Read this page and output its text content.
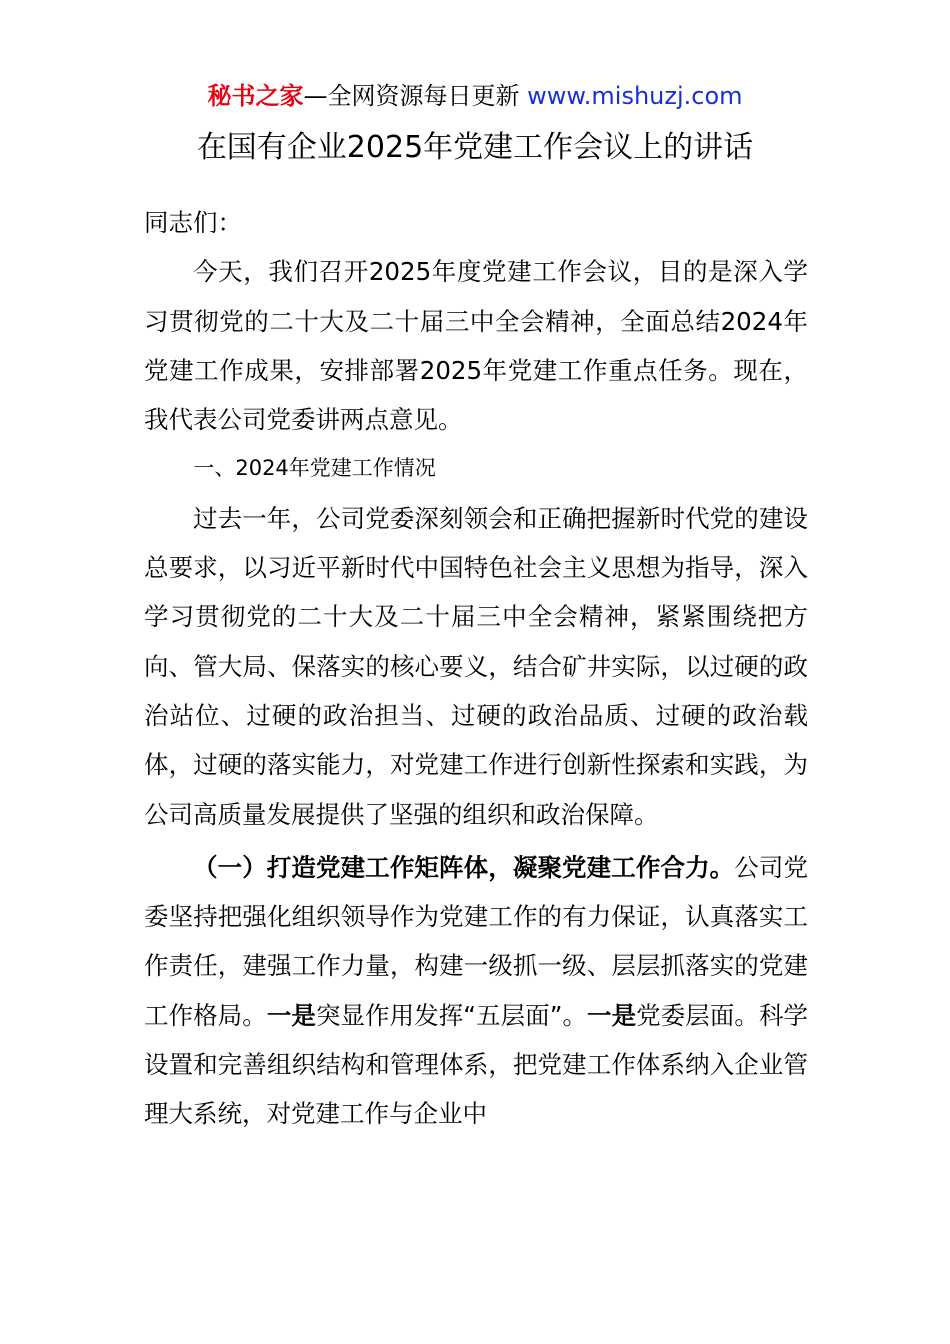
秘书之家—全网资源每日更新 www.mishuzj.com
在国有企业2025年党建工作会议上的讲话

同志们：

今天，我们召开2025年度党建工作会议，目的是深入学习贯彻党的二十大及二十届三中全会精神，全面总结2024年党建工作成果，安排部署2025年党建工作重点任务。现在，我代表公司党委讲两点意见。

一、2024年党建工作情况

过去一年，公司党委深刻领会和正确把握新时代党的建设总要求，以习近平新时代中国特色社会主义思想为指导，深入学习贯彻党的二十大及二十届三中全会精神，紧紧围绕把方向、管大局、保落实的核心要义，结合矿井实际，以过硬的政治站位、过硬的政治担当、过硬的政治品质、过硬的政治载体，过硬的落实能力，对党建工作进行创新性探索和实践，为公司高质量发展提供了坚强的组织和政治保障。

（一）打造党建工作矩阵体，凝聚党建工作合力。公司党委坚持把强化组织领导作为党建工作的有力保证，认真落实工作责任，建强工作力量，构建一级抓一级、层层抓落实的党建工作格局。一是突显作用发挥“五层面”。一是党委层面。科学设置和完善组织结构和管理体系，把党建工作体系纳入企业管理大系统，对党建工作与企业中
